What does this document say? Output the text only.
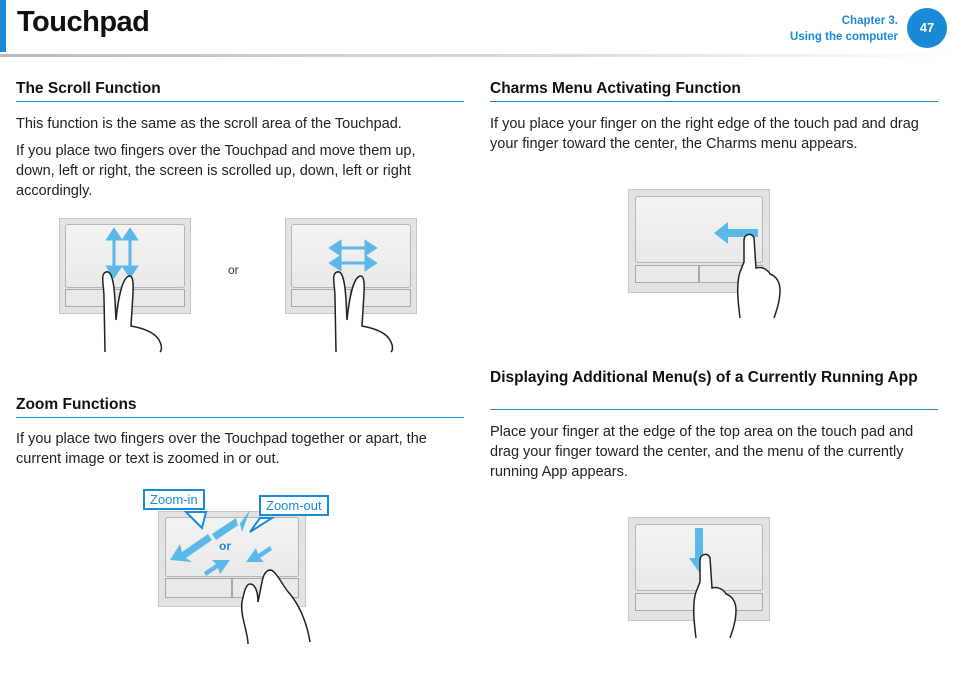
Touchpad	Chapter 3.
Using the computer
47
The Scroll Function
This function is the same as the scroll area of the Touchpad.
If you place two fingers over the Touchpad and move them up, down, left or right, the screen is scrolled up, down, left or right accordingly.
or
Zoom Functions
If you place two fingers over the Touchpad together or apart, the current image or text is zoomed in or out.
or
Zoom-in	Zoom-out
Charms Menu Activating Function
If you place your finger on the right edge of the touch pad and drag your finger toward the center, the Charms menu appears.
Displaying Additional Menu(s) of a Currently Running App
Place your finger at the edge of the top area on the touch pad and drag your finger toward the center, and the menu of the currently running App appears.
